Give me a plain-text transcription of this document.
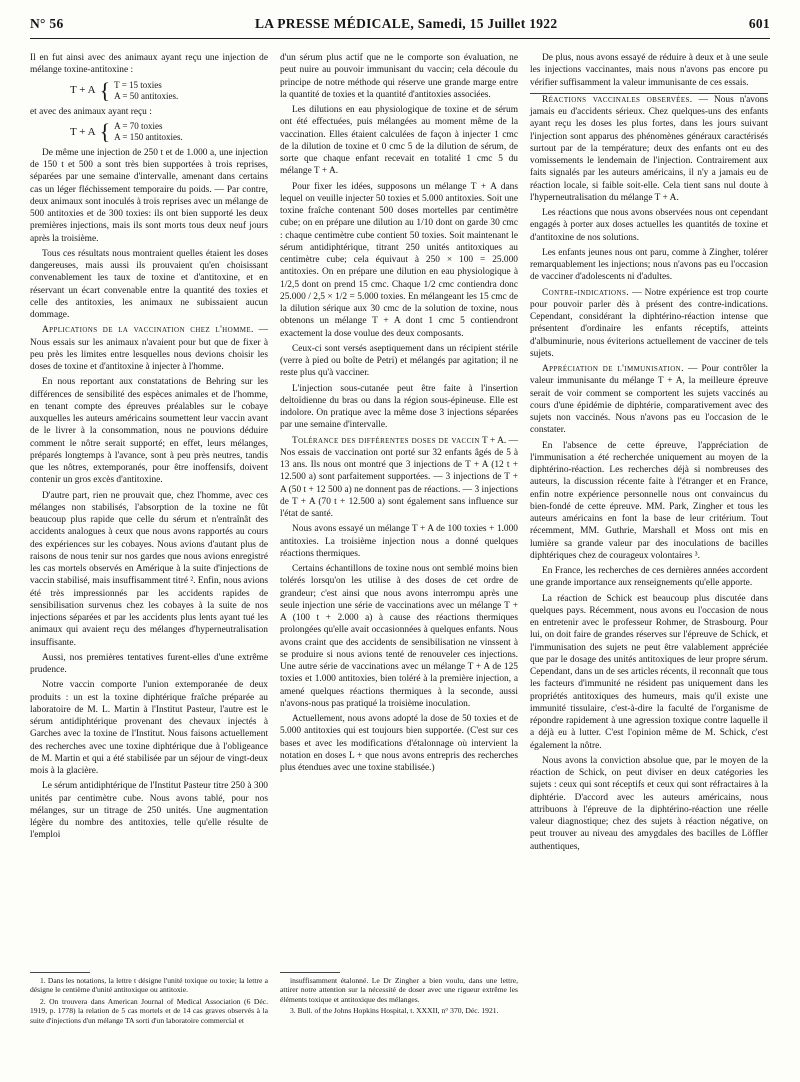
N° 56	LA PRESSE MÉDICALE, Samedi, 15 Juillet 1922	601

Il en fut ainsi avec des animaux ayant reçu une injection de mélange toxine-antitoxine :

T + A { T = 15 toxies
A = 50 antitoxies.

et avec des animaux ayant reçu :

T + A { A = 70 toxies
A = 150 antitoxies.

De même une injection de 250 t et de 1.000 a, une injection de 150 t et 500 a sont très bien supportées à trois reprises, séparées par une semaine d'intervalle, amenant dans certains cas un léger fléchissement temporaire du poids. — Par contre, deux animaux sont inoculés à trois reprises avec un mélange de 500 antitoxies et de 300 toxies: ils ont bien supporté les deux premières injections, mais ils sont morts tous deux neuf jours après la troisième.

Tous ces résultats nous montraient quelles étaient les doses dangereuses, mais aussi ils prouvaient qu'en choisissant convenablement les taux de toxine et d'antitoxine, et en réservant un écart convenable entre la quantité des toxies et celle des antitoxies, les animaux ne subissaient aucun dommage.

Applications de la vaccination chez l'homme. — Nous essais sur les animaux n'avaient pour but que de fixer à peu près les limites entre lesquelles nous devions choisir les doses de toxine et d'antitoxine à injecter à l'homme.

En nous reportant aux constatations de Behring sur les différences de sensibilité des espèces animales et de l'homme, en tenant compte des épreuves préalables sur le cobaye auxquelles les auteurs américains soumettent leur vaccin avant de le livrer à la consommation, nous ne pouvions déduire comment le nôtre serait supporté; en effet, leurs mélanges, préparés longtemps à l'avance, sont à peu près neutres, tandis que les nôtres, extemporanés, pour être inoffensifs, doivent contenir un gros excès d'antitoxine.

D'autre part, rien ne prouvait que, chez l'homme, avec ces mélanges non stabilisés, l'absorption de la toxine ne fût beaucoup plus rapide que celle du sérum et n'entraînât des accidents analogues à ceux que nous avons rapportés au cours des expériences sur les cobayes. Nous avions d'autant plus de raisons de nous tenir sur nos gardes que nous avions enregistré les cas mortels observés en Amérique à la suite d'injections de vaccin stabilisé, mais insuffisamment titré ². Enfin, nous avions été très impressionnés par les accidents rapides de sensibilisation survenus chez les cobayes à la suite de nos injections séparées et par les accidents plus lents ayant tué les animaux qui avaient reçu des mélanges d'hyperneutralisation insuffisante.

Aussi, nos premières tentatives furent-elles d'une extrême prudence.

Notre vaccin comporte l'union extemporanée de deux produits : un est la toxine diphtérique fraîche préparée au laboratoire de M. L. Martin à l'Institut Pasteur, l'autre est le sérum antidiphtérique provenant des chevaux injectés à Garches avec la toxine de l'Institut. Nous faisons actuellement des recherches avec une toxine diphtérique due à l'obligeance de M. Martin et qui a été stabilisée par un séjour de vingt-deux mois à la glacière.

Le sérum antidiphtérique de l'Institut Pasteur titre 250 à 300 unités par centimètre cube. Nous avons tablé, pour nos mélanges, sur un titrage de 250 unités. Une augmentation légère du nombre des antitoxies, telle qu'elle résulte de l'emploi

d'un sérum plus actif que ne le comporte son évaluation, ne peut nuire au pouvoir immunisant du vaccin; cela découle du principe de notre méthode qui réserve une grande marge entre la quantité de toxies et la quantité d'antitoxies associées.

Les dilutions en eau physiologique de toxine et de sérum ont été effectuées, puis mélangées au moment même de la vaccination. Elles étaient calculées de façon à injecter 1 cmc de la dilution de toxine et 0 cmc 5 de la dilution de sérum, de sorte que chaque enfant recevait en totalité 1 cmc 5 du mélange T + A.

Pour fixer les idées, supposons un mélange T + A dans lequel on veuille injecter 50 toxies et 5.000 antitoxies. Soit une toxine fraîche contenant 500 doses mortelles par centimètre cube; on en prépare une dilution au 1/10 dont on garde 30 cmc : chaque centimètre cube contient 50 toxies. Soit maintenant le sérum antidiphtérique, titrant 250 unités antitoxiques au centimètre cube; cela équivaut à 250 × 100 = 25.000 antitoxies. On en prépare une dilution en eau physiologique à 1/2,5 dont on prend 15 cmc. Chaque 1/2 cmc contiendra donc 25.000 / 2,5 × 1/2 = 5.000 toxies. En mélangeant les 15 cmc de la dilution sérique aux 30 cmc de la solution de toxine, nous obtenons un mélange T + A dont 1 cmc 5 contiendront exactement la dose voulue des deux composants.

Ceux-ci sont versés aseptiquement dans un récipient stérile (verre à pied ou boîte de Petri) et mélangés par agitation; il ne reste plus qu'à vacciner.

L'injection sous-cutanée peut être faite à l'insertion deltoïdienne du bras ou dans la région sous-épineuse. Elle est indolore. On pratique avec la même dose 3 injections séparées par une semaine d'intervalle.

Tolérance des différentes doses de vaccin T + A. — Nos essais de vaccination ont porté sur 32 enfants âgés de 5 à 13 ans. Ils nous ont montré que 3 injections de T + A (12 t + 12.500 a) sont parfaitement supportées. — 3 injections de T + A (50 t + 12 500 a) ne donnent pas de réactions. — 3 injections de T + A (70 t + 12.500 a) sont également sans influence sur l'état de santé.

Nous avons essayé un mélange T + A de 100 toxies + 1.000 antitoxies. La troisième injection nous a donné quelques réactions thermiques.

Certains échantillons de toxine nous ont semblé moins bien tolérés lorsqu'on les utilise à des doses de cet ordre de grandeur; c'est ainsi que nous avons interrompu après une seule injection une série de vaccinations avec un mélange T + A (100 t + 2.000 a) à cause des réactions thermiques prolongées qu'elle avait occasionnées à quelques enfants. Nous avons craint que des accidents de sensibilisation ne vinssent à se produire si nous avions tenté de renouveler ces injections. Une autre série de vaccinations avec un mélange T + A de 125 toxies et 1.000 antitoxies, bien toléré à la première injection, a amené quelques réactions thermiques à la seconde, aussi n'avons-nous pas pratiqué la troisième inoculation.

Actuellement, nous avons adopté la dose de 50 toxies et de 5.000 antitoxies qui est toujours bien supportée. (C'est sur ces bases et avec les modifications d'étalonnage où intervient la notation en doses L + que nous avons entrepris des recherches plus étendues avec une toxine stabilisée.)

De plus, nous avons essayé de réduire à deux et à une seule les injections vaccinantes, mais nous n'avons pas encore pu vérifier suffisamment la valeur immunisante de ces essais.

Réactions vaccinales observées. — Nous n'avons jamais eu d'accidents sérieux. Chez quelques-uns des enfants ayant reçu les doses les plus fortes, dans les jours suivant l'injection sont apparus des phénomènes généraux caractérisés surtout par de la température; deux des enfants ont eu des vomissements le lendemain de l'injection. Contrairement aux faits signalés par les auteurs américains, il n'y a jamais eu de réaction locale, si faible soit-elle. Cela tient sans nul doute à l'hyperneutralisation du mélange T + A.

Les réactions que nous avons observées nous ont cependant engagés à porter aux doses actuelles les quantités de toxine et d'antitoxine de nos solutions.

Les enfants jeunes nous ont paru, comme à Zingher, tolérer remarquablement les injections; nous n'avons pas eu l'occasion de vacciner d'adolescents ni d'adultes.

Contre-indications. — Notre expérience est trop courte pour pouvoir parler dès à présent des contre-indications. Cependant, considérant la diphtérino-réaction intense que présentent d'ordinaire les enfants réceptifs, atteints d'albuminurie, nous éviterions actuellement de vacciner de tels sujets.

Appréciation de l'immunisation. — Pour contrôler la valeur immunisante du mélange T + A, la meilleure épreuve serait de voir comment se comportent les sujets vaccinés au cours d'une épidémie de diphtérie, comparativement avec des sujets non vaccinés. Nous n'avons pas eu l'occasion de le constater.

En l'absence de cette épreuve, l'appréciation de l'immunisation a été recherchée uniquement au moyen de la diphtérino-réaction. Les recherches déjà si nombreuses des auteurs, la discussion récente faite à l'étranger et en France, enfin notre expérience personnelle nous ont convaincus du bien-fondé de cette épreuve. MM. Park, Zingher et tous les auteurs américains en font la base de leur critérium. Tout récemment, MM. Guthrie, Marshall et Moss ont mis en lumière sa grande valeur par des inoculations de bacilles diphtériques chez de courageux volontaires ³.

En France, les recherches de ces dernières années accordent une grande importance aux renseignements qu'elle apporte.

La réaction de Schick est beaucoup plus discutée dans quelques pays. Récemment, nous avons eu l'occasion de nous en entretenir avec le professeur Rohmer, de Strasbourg. Pour lui, on doit faire de grandes réserves sur l'épreuve de Schick, et l'immunisation des sujets ne peut être valablement appréciée que par le dosage des unités antitoxiques de leur propre sérum. Cependant, dans un de ses articles récents, il reconnaît que tous les facteurs d'immunité ne résident pas uniquement dans les propriétés antitoxiques des humeurs, mais qu'il existe une immunité tissulaire, c'est-à-dire la faculté de l'organisme de répondre rapidement à une agression toxique contre laquelle il a déjà eu à lutter. C'est l'opinion même de M. Schick, c'est également la nôtre.

Nous avons la conviction absolue que, par le moyen de la réaction de Schick, on peut diviser en deux catégories les sujets : ceux qui sont réceptifs et ceux qui sont réfractaires à la diphtérie. D'accord avec les auteurs américains, nous attribuons à l'épreuve de la diphtérino-réaction une réelle valeur diagnostique; chez des sujets à réaction négative, on peut trouver au niveau des amygdales des bacilles de Löffler authentiques,

1. Dans les notations, la lettre t désigne l'unité toxique ou toxie; la lettre a désigne le centième d'unité antitoxique ou antitoxie.

2. On trouvera dans American Journal of Medical Association (6 Déc. 1919, p. 1778) la relation de 5 cas mortels et de 14 cas graves observés à la suite d'injections d'un mélange TA sorti d'un laboratoire commercial et

insuffisamment étalonné. Le Dr Zingher a bien voulu, dans une lettre, attirer notre attention sur la nécessité de doser avec une rigueur extrême les éléments toxique et antitoxique des mélanges.

3. Bull. of the Johns Hopkins Hospital, t. XXXII, n° 370, Déc. 1921.
